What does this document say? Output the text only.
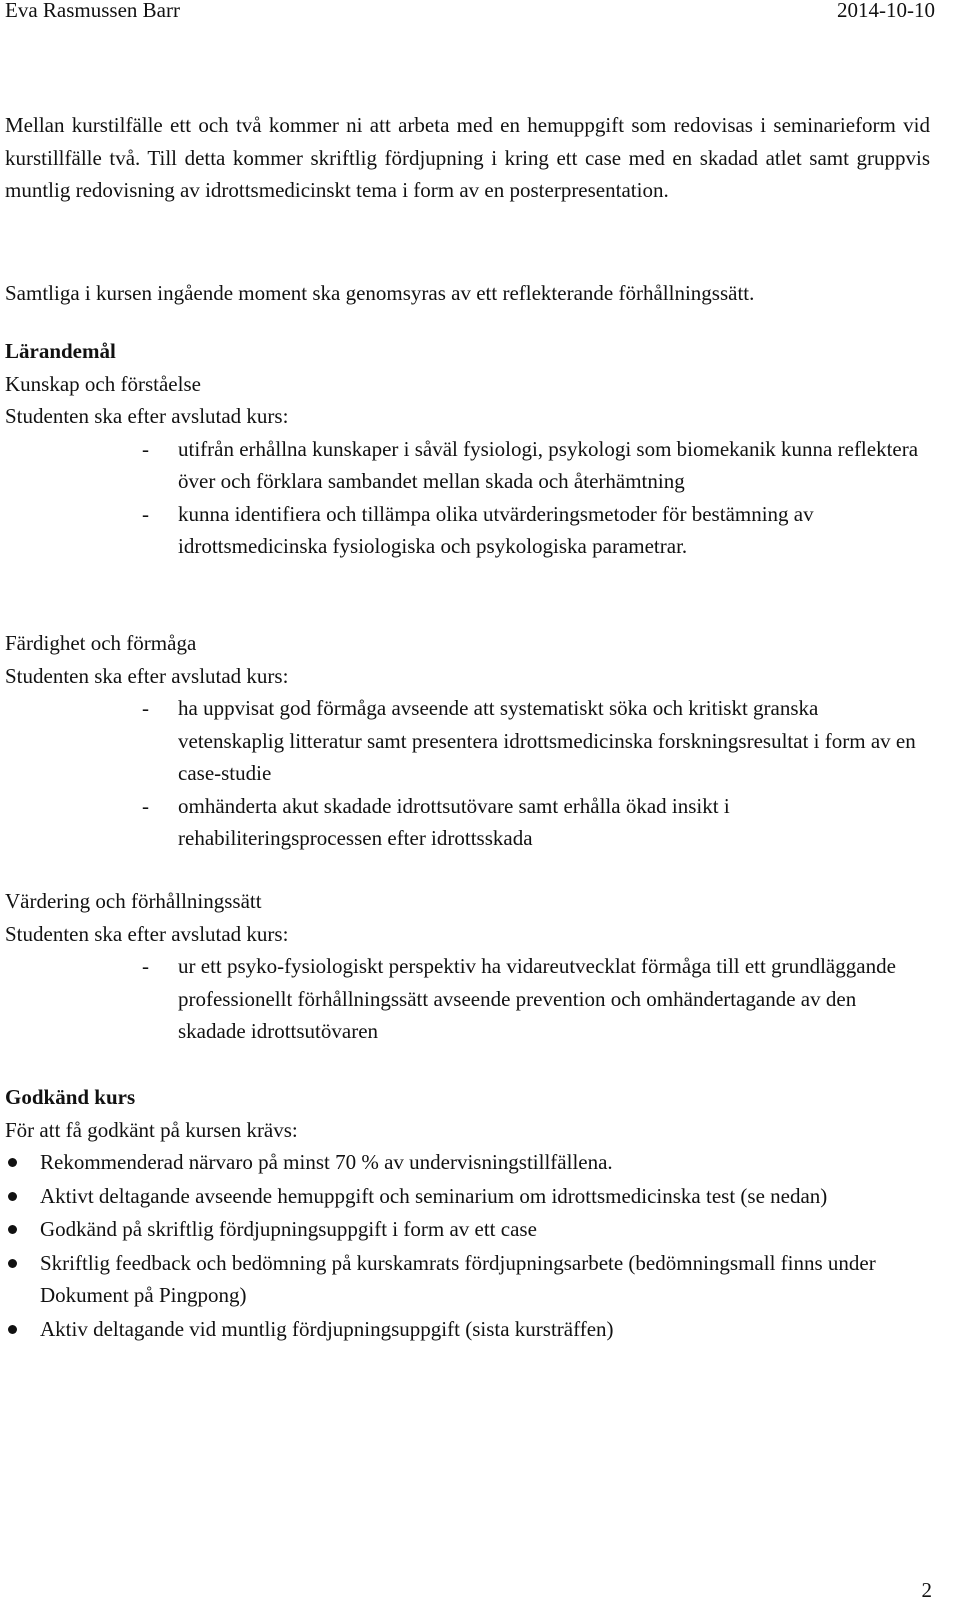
Eva Rasmussen Barr	2014-10-10

Mellan kurstilfälle ett och två kommer ni att arbeta med en hemuppgift som redovisas i seminarieform vid kurstillfälle två. Till detta kommer skriftlig fördjupning i kring ett case med en skadad atlet samt gruppvis muntlig redovisning av idrottsmedicinskt tema i form av en posterpresentation.

Samtliga i kursen ingående moment ska genomsyras av ett reflekterande förhållningssätt.

Lärandemål

Kunskap och förståelse

Studenten ska efter avslutad kurs:

- utifrån erhållna kunskaper i såväl fysiologi, psykologi som biomekanik kunna reflektera över och förklara sambandet mellan skada och återhämtning
- kunna identifiera och tillämpa olika utvärderingsmetoder för bestämning av idrottsmedicinska fysiologiska och psykologiska parametrar.

Färdighet och förmåga

Studenten ska efter avslutad kurs:

- ha uppvisat god förmåga avseende att systematiskt söka och kritiskt granska vetenskaplig litteratur samt presentera idrottsmedicinska forskningsresultat i form av en case-studie
- omhänderta akut skadade idrottsutövare samt erhålla ökad insikt i rehabiliteringsprocessen efter idrottsskada

Värdering och förhållningssätt

Studenten ska efter avslutad kurs:

- ur ett psyko-fysiologiskt perspektiv ha vidareutvecklat förmåga till ett grundläggande professionellt förhållningssätt avseende prevention och omhändertagande av den skadade idrottsutövaren

Godkänd kurs

För att få godkänt på kursen krävs:

Rekommenderad närvaro på minst 70 % av undervisningstillfällena.
Aktivt deltagande avseende hemuppgift och seminarium om idrottsmedicinska test (se nedan)
Godkänd på skriftlig fördjupningsuppgift i form av ett case
Skriftlig feedback och bedömning på kurskamrats fördjupningsarbete (bedömningsmall finns under Dokument på Pingpong)
Aktiv deltagande vid muntlig fördjupningsuppgift (sista kursträffen)
2
